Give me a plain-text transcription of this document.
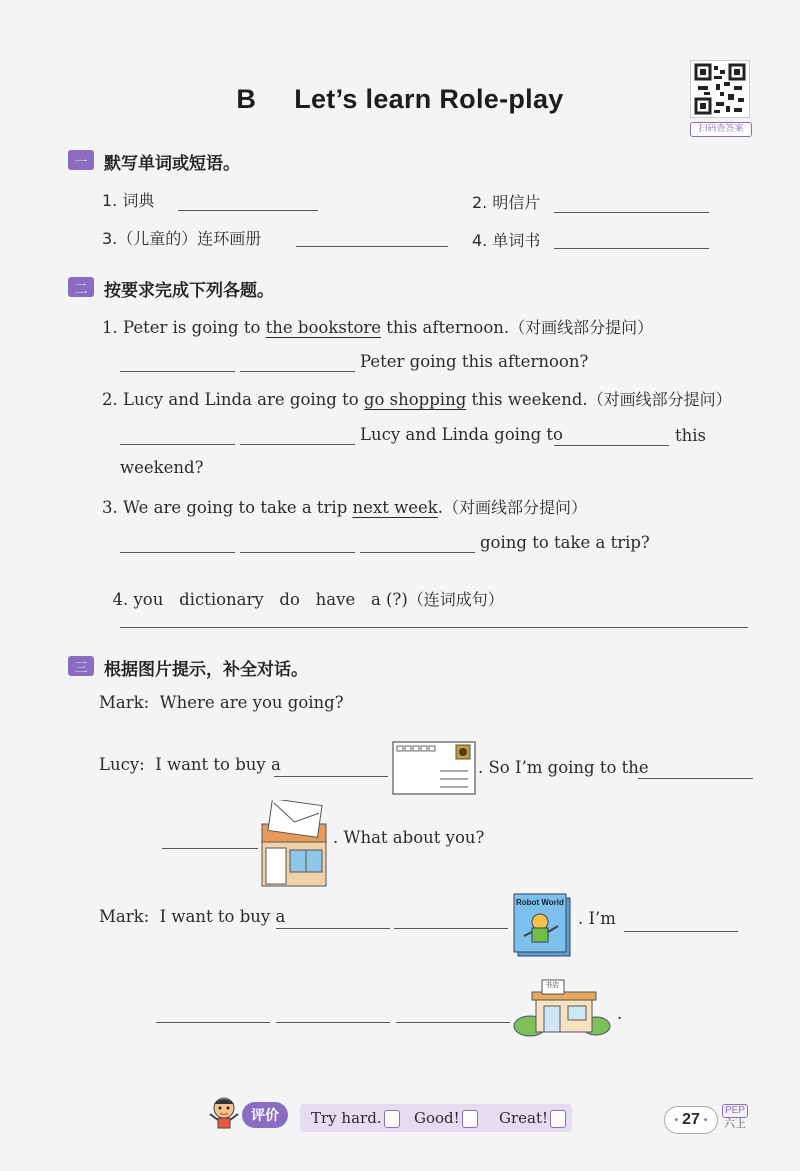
B Let’s learn Role-play
扫码查答案
一 默写单词或短语。
1. 词典	2. 明信片
3.（儿童的）连环画册	4. 单词书
二 按要求完成下列各题。
1. Peter is going to the bookstore this afternoon.（对画线部分提问）
Peter going this afternoon?
2. Lucy and Linda are going to go shopping this weekend.（对画线部分提问）
Lucy and Linda going to	this
weekend?
3. We are going to take a trip next week.（对画线部分提问）
going to take a trip?

4. you   dictionary   do   have   a (?)（连词成句）

三 根据图片提示，补全对话。
Mark:  Where are you going?
Lucy:  I want to buy a	. So I’m going to the
. What about you?
Mark:  I want to buy a
Robot World
. I’m
书店
.
评价	Try hard.	Good!	Great!	• 27 •
PEP
六上
